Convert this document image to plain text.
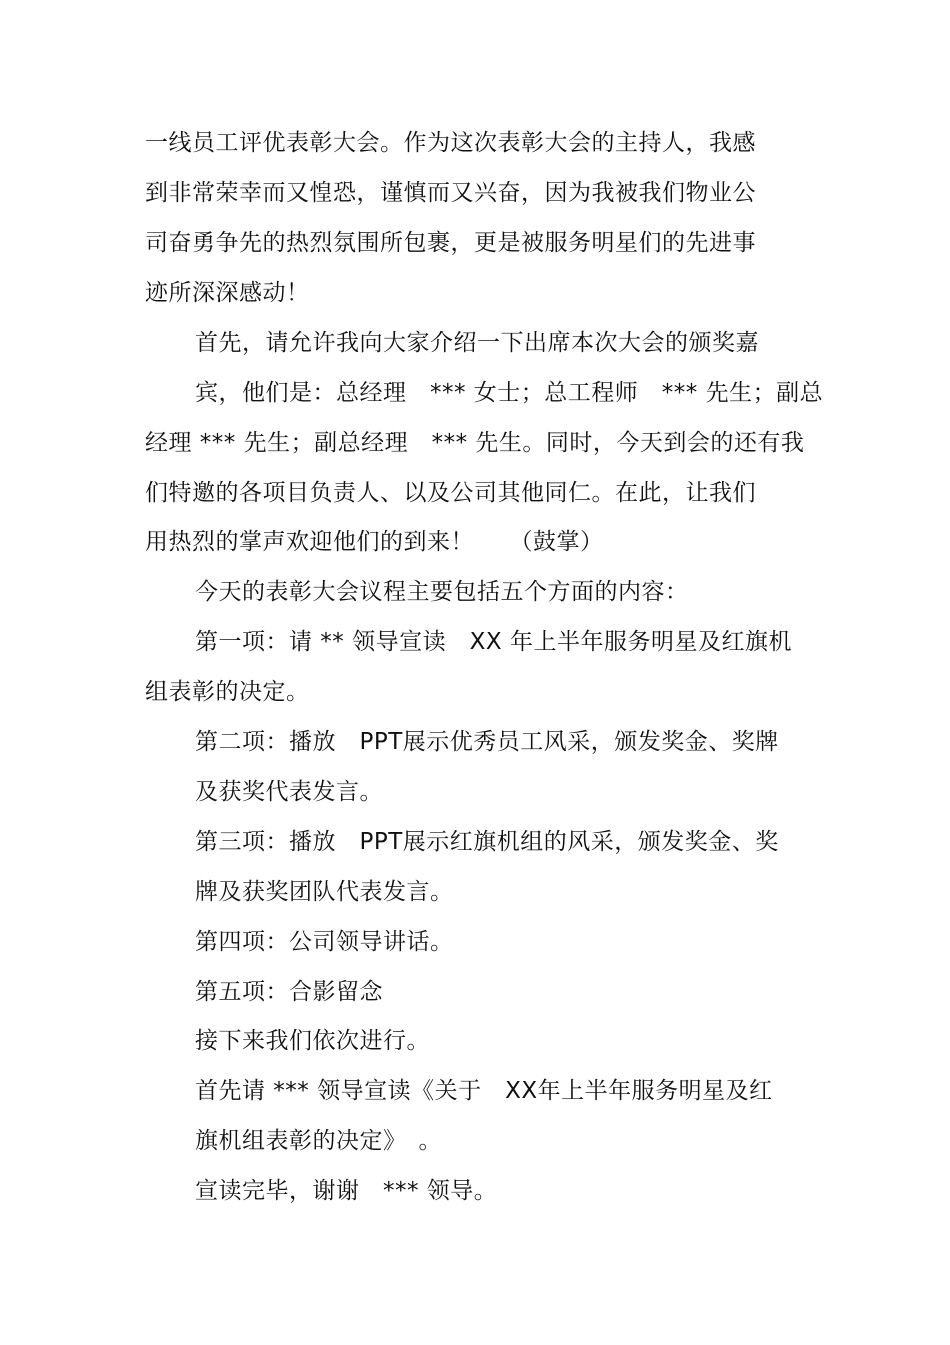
一线员工评优表彰大会。作为这次表彰大会的主持人，我感
到非常荣幸而又惶恐，谨慎而又兴奋，因为我被我们物业公
司奋勇争先的热烈氛围所包裹，更是被服务明星们的先进事
迹所深深感动！
首先，请允许我向大家介绍一下出席本次大会的颁奖嘉
宾，他们是：总经理　*** 女士；总工程师　*** 先生；副总
经理 *** 先生；副总经理　*** 先生。同时，今天到会的还有我
们特邀的各项目负责人、以及公司其他同仁。在此，让我们
用热烈的掌声欢迎他们的到来！　　（鼓掌）
今天的表彰大会议程主要包括五个方面的内容：
第一项：请 ** 领导宣读　XX 年上半年服务明星及红旗机
组表彰的决定。
第二项：播放　PPT展示优秀员工风采，颁发奖金、奖牌
及获奖代表发言。
第三项：播放　PPT展示红旗机组的风采，颁发奖金、奖
牌及获奖团队代表发言。
第四项：公司领导讲话。
第五项：合影留念
接下来我们依次进行。
首先请 *** 领导宣读《关于　XX年上半年服务明星及红
旗机组表彰的决定》　。
宣读完毕，谢谢　*** 领导。
